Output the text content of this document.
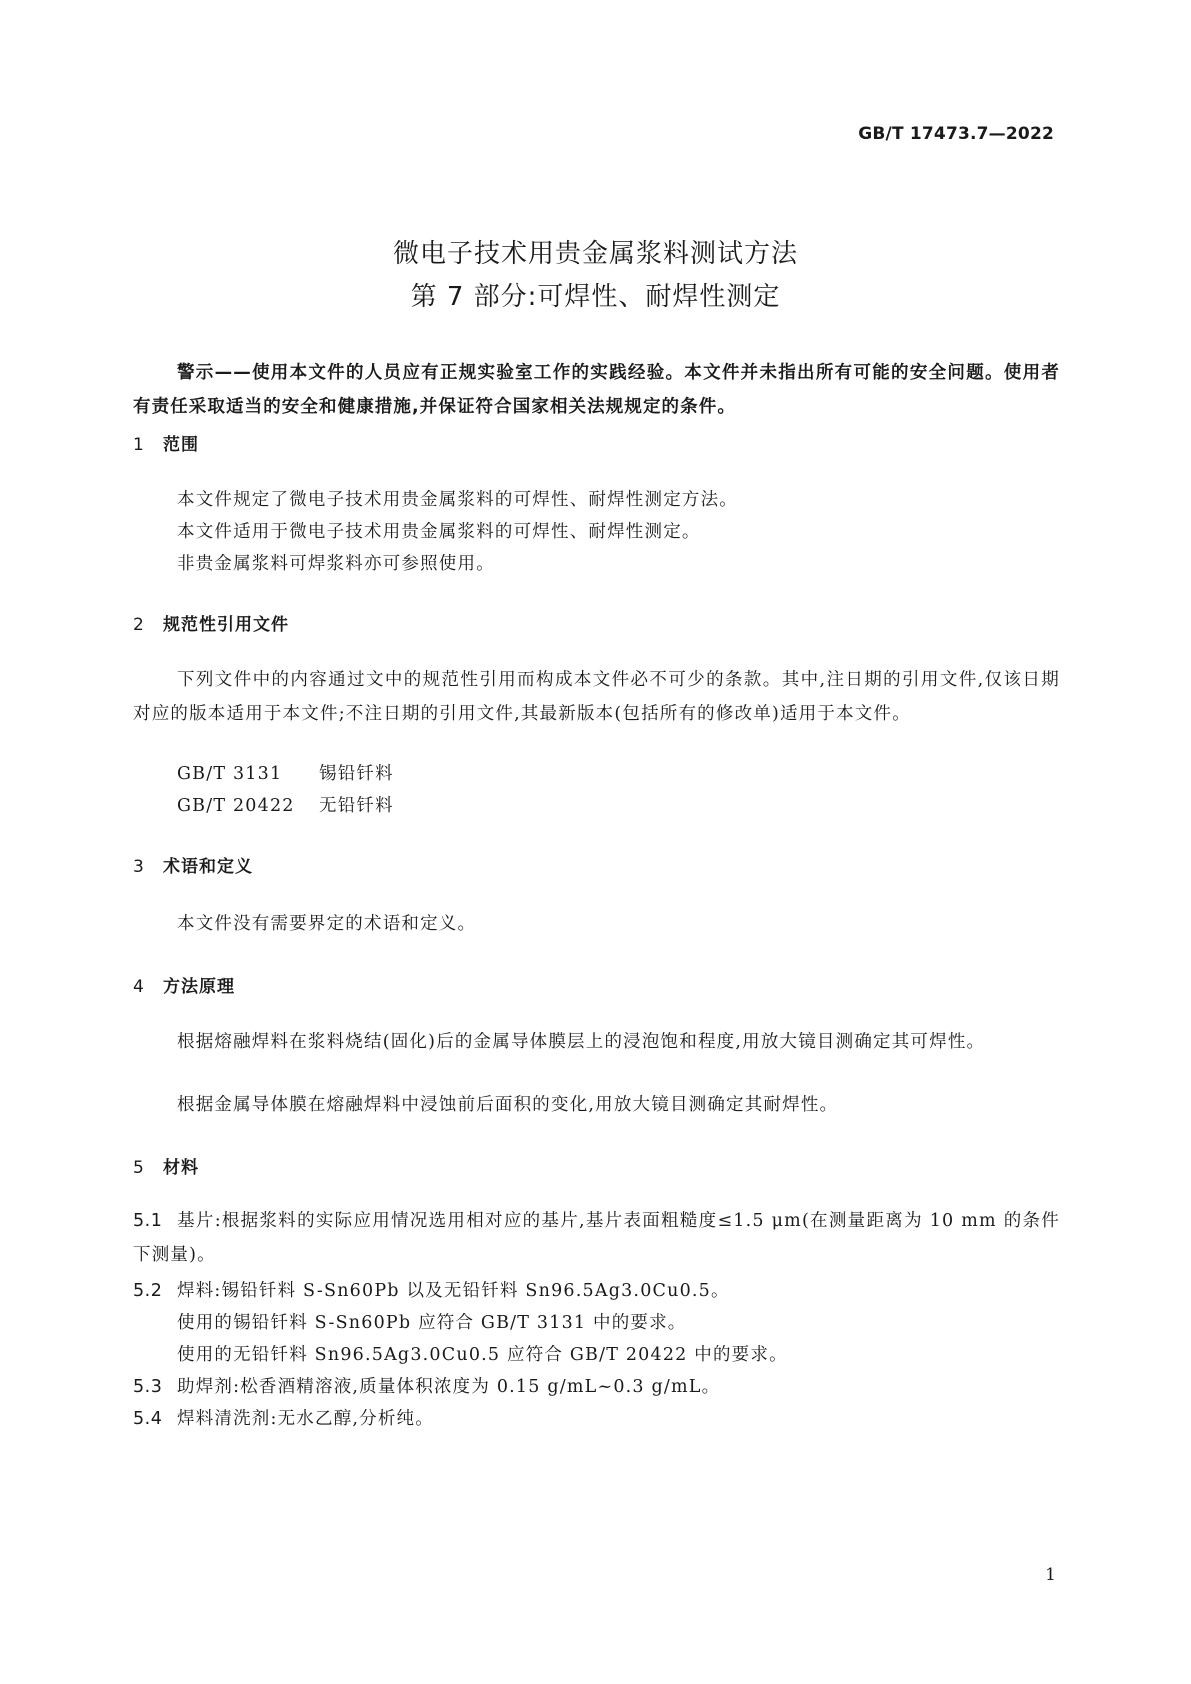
GB/T 17473.7—2022
微电子技术用贵金属浆料测试方法
第 7 部分:可焊性、耐焊性测定
警示——使用本文件的人员应有正规实验室工作的实践经验。本文件并未指出所有可能的安全问题。使用者有责任采取适当的安全和健康措施,并保证符合国家相关法规规定的条件。
1 范围
本文件规定了微电子技术用贵金属浆料的可焊性、耐焊性测定方法。
本文件适用于微电子技术用贵金属浆料的可焊性、耐焊性测定。
非贵金属浆料可焊浆料亦可参照使用。
2 规范性引用文件
下列文件中的内容通过文中的规范性引用而构成本文件必不可少的条款。其中,注日期的引用文件,仅该日期对应的版本适用于本文件;不注日期的引用文件,其最新版本(包括所有的修改单)适用于本文件。
GB/T 3131 锡铅钎料
GB/T 20422 无铅钎料
3 术语和定义
本文件没有需要界定的术语和定义。
4 方法原理
根据熔融焊料在浆料烧结(固化)后的金属导体膜层上的浸泡饱和程度,用放大镜目测确定其可焊性。
根据金属导体膜在熔融焊料中浸蚀前后面积的变化,用放大镜目测确定其耐焊性。
5 材料
5.1 基片:根据浆料的实际应用情况选用相对应的基片,基片表面粗糙度≤1.5 μm(在测量距离为 10 mm 的条件下测量)。
5.2 焊料:锡铅钎料 S-Sn60Pb 以及无铅钎料 Sn96.5Ag3.0Cu0.5。
使用的锡铅钎料 S-Sn60Pb 应符合 GB/T 3131 中的要求。
使用的无铅钎料 Sn96.5Ag3.0Cu0.5 应符合 GB/T 20422 中的要求。
5.3 助焊剂:松香酒精溶液,质量体积浓度为 0.15 g/mL~0.3 g/mL。
5.4 焊料清洗剂:无水乙醇,分析纯。
1
